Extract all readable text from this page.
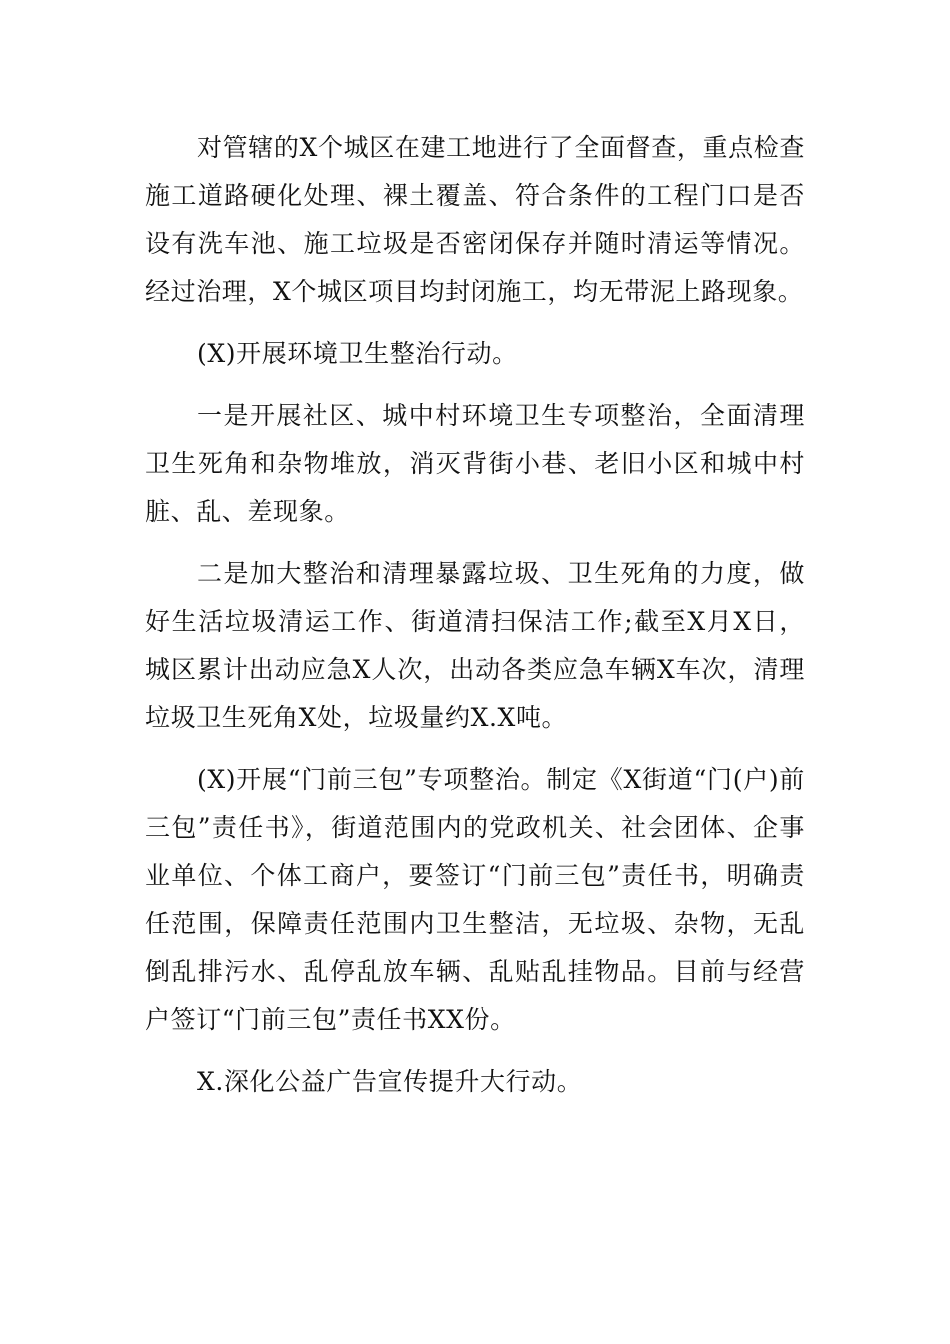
对管辖的X个城区在建工地进行了全面督查，重点检查施工道路硬化处理、裸土覆盖、符合条件的工程门口是否设有洗车池、施工垃圾是否密闭保存并随时清运等情况。经过治理，X个城区项目均封闭施工，均无带泥上路现象。

(X)开展环境卫生整治行动。

一是开展社区、城中村环境卫生专项整治，全面清理卫生死角和杂物堆放，消灭背街小巷、老旧小区和城中村脏、乱、差现象。

二是加大整治和清理暴露垃圾、卫生死角的力度，做好生活垃圾清运工作、街道清扫保洁工作;截至X月X日，城区累计出动应急X人次，出动各类应急车辆X车次，清理垃圾卫生死角X处，垃圾量约X.X吨。

(X)开展“门前三包”专项整治。制定《X街道“门(户)前三包”责任书》，街道范围内的党政机关、社会团体、企事业单位、个体工商户，要签订“门前三包”责任书，明确责任范围，保障责任范围内卫生整洁，无垃圾、杂物，无乱倒乱排污水、乱停乱放车辆、乱贴乱挂物品。目前与经营户签订“门前三包”责任书XX份。

X.深化公益广告宣传提升大行动。
